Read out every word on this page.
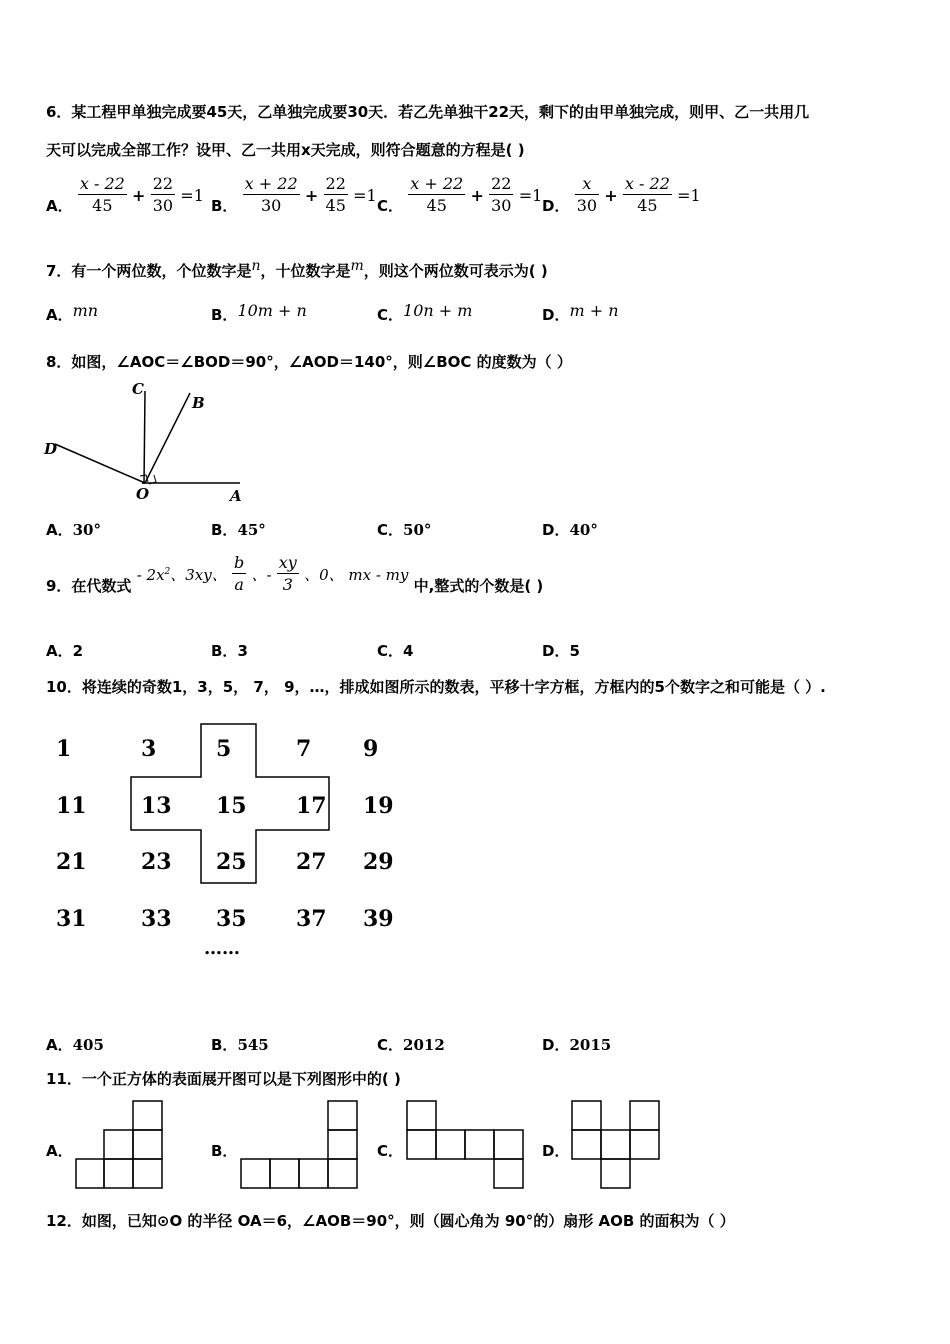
6．某工程甲单独完成要45天，乙单独完成要30天．若乙先单独干22天，剩下的由甲单独完成，则甲、乙一共用几
天可以完成全部工作？设甲、乙一共用x天完成，则符合题意的方程是( )
A． $\frac{x - 22}{45} + \frac{22}{30} =1$
B． $\frac{x + 22}{30} + \frac{22}{45} =1$
C． $\frac{x + 22}{45} + \frac{22}{30} =1$
D． $\frac{x}{30} + \frac{x - 22}{45} =1$
7．有一个两位数，个位数字是$^n$，十位数字是$^m$，则这个两位数可表示为( )
A．mn	B．10m + n	C．10n + m	D．m + n
8．如图，∠AOC＝∠BOD＝90°，∠AOD＝140°，则∠BOC 的度数为（ ）
C
B
D
O	A
A．30°	B．45°	C．50°	D．40°
9．在代数式 - $2x^2$、3xy、 $\frac{b}{a}$ 、- $\frac{xy}{3}$ 、0、 mx - my 中,整式的个数是( )
A．2	B．3	C．4	D．5
10．将连续的奇数1，3，5， 7， 9，…，排成如图所示的数表，平移十字方框，方框内的5个数字之和可能是（ ）.
1	3	5	7 9
11 13 15 17 19
21 23 25 27 29
31 33 35 37 39
……
A．405	B．545	C．2012	D．2015
11．一个正方体的表面展开图可以是下列图形中的( )
A．	B．	C．	D．
12．如图，已知⊙O 的半径 OA＝6，∠AOB＝90°，则（圆心角为 90°的）扇形 AOB 的面积为（ ）
